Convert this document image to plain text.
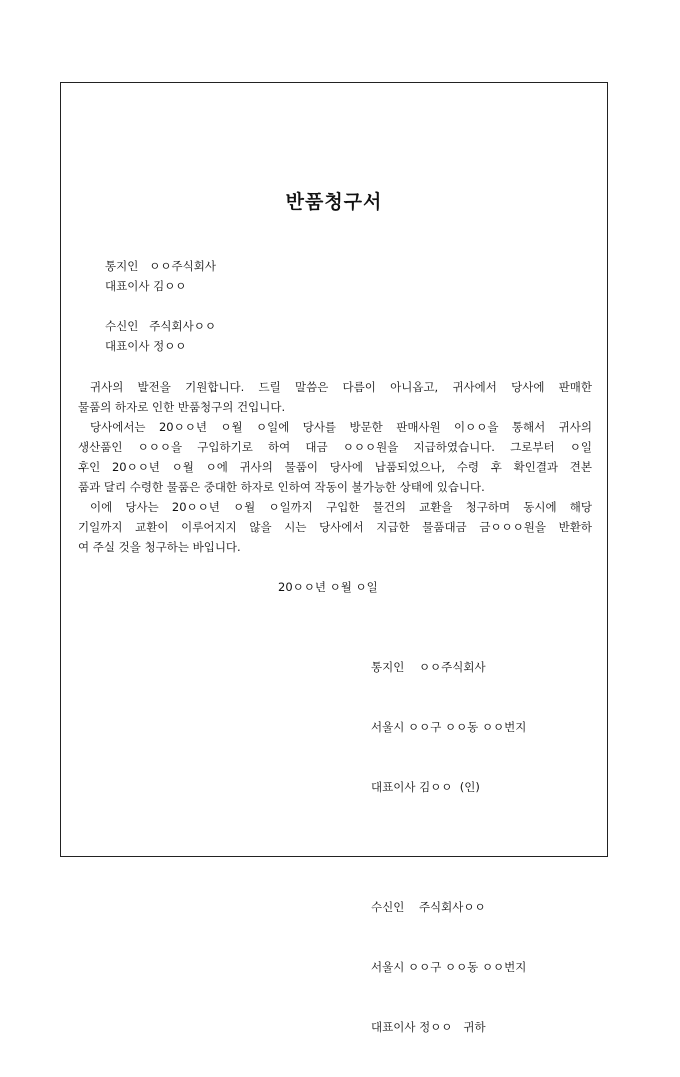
반품청구서
통지인   ㅇㅇ주식회사
대표이사 김ㅇㅇ
수신인   주식회사ㅇㅇ
대표이사 정ㅇㅇ

귀사의 발전을 기원합니다. 드릴 말씀은 다름이 아니옵고, 귀사에서 당사에 판매한

물품의 하자로 인한 반품청구의 건입니다.

당사에서는 20ㅇㅇ년 ㅇ월 ㅇ일에 당사를 방문한 판매사원 이ㅇㅇ을 통해서 귀사의

생산품인 ㅇㅇㅇ을 구입하기로 하여 대금 ㅇㅇㅇ원을 지급하였습니다. 그로부터 ㅇ일

후인 20ㅇㅇ년 ㅇ월 ㅇ에 귀사의 물품이 당사에 납품되었으나, 수령 후 확인결과 견본

품과 달리 수령한 물품은 중대한 하자로 인하여 작동이 불가능한 상태에 있습니다.

이에 당사는 20ㅇㅇ년 ㅇ월 ㅇ일까지 구입한 물건의 교환을 청구하며 동시에 해당

기일까지 교환이 이루어지지 않을 시는 당사에서 지급한 물품대금 금ㅇㅇㅇ원을 반환하

여 주실 것을 청구하는 바입니다.

20ㅇㅇ년 ㅇ월 ㅇ일

통지인    ㅇㅇ주식회사

서울시 ㅇㅇ구 ㅇㅇ동 ㅇㅇ번지

대표이사 김ㅇㅇ  (인)

수신인    주식회사ㅇㅇ

서울시 ㅇㅇ구 ㅇㅇ동 ㅇㅇ번지

대표이사 정ㅇㅇ   귀하
